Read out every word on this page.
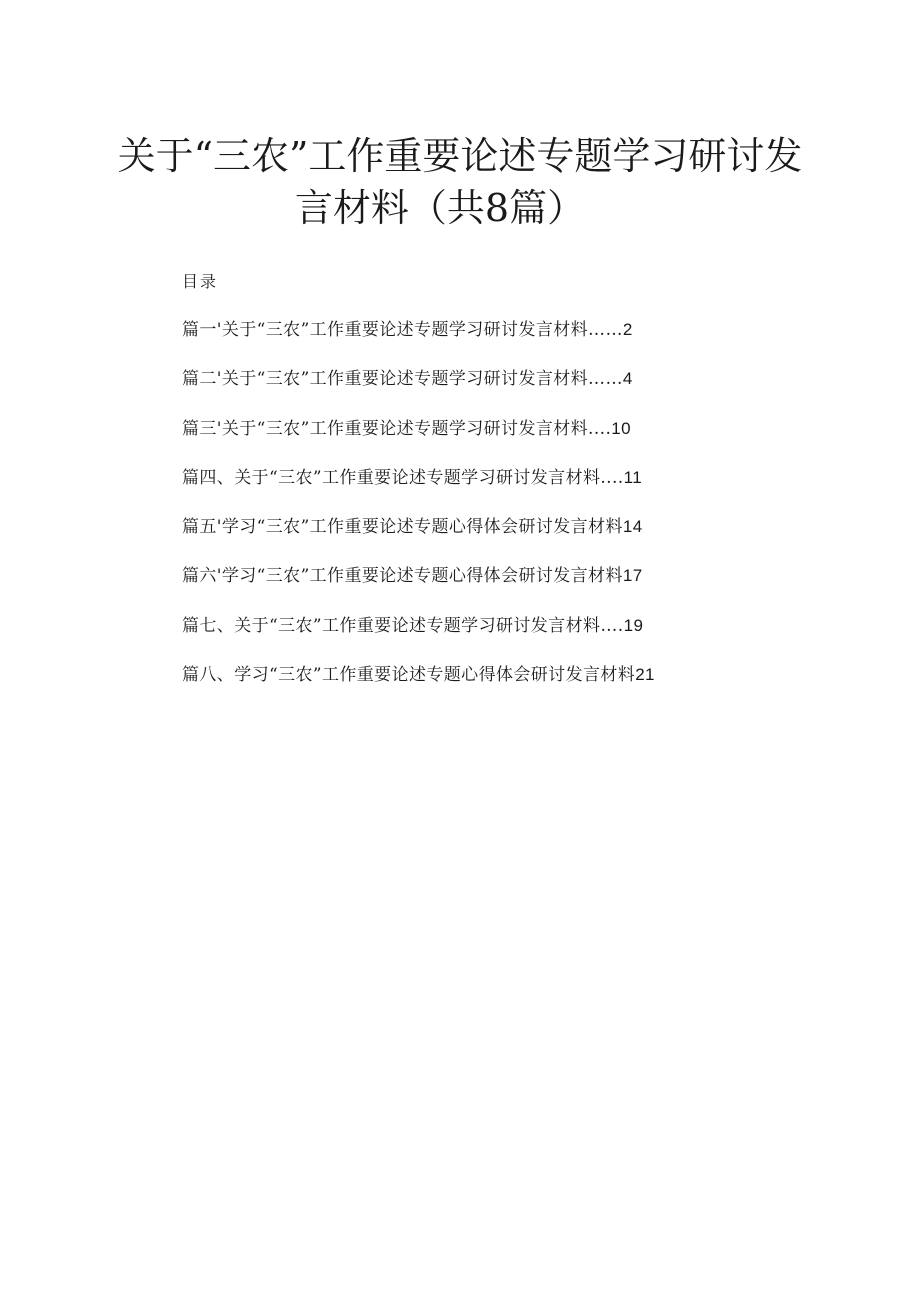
关于“三农”工作重要论述专题学习研讨发
言材料（共8篇）
目录
篇一'关于“三农”工作重要论述专题学习研讨发言材料……2
篇二'关于“三农”工作重要论述专题学习研讨发言材料……4
篇三'关于“三农”工作重要论述专题学习研讨发言材料....10
篇四、关于“三农”工作重要论述专题学习研讨发言材料....11
篇五'学习“三农”工作重要论述专题心得体会研讨发言材料14
篇六'学习“三农”工作重要论述专题心得体会研讨发言材料17
篇七、关于“三农”工作重要论述专题学习研讨发言材料….19
篇八、学习“三农”工作重要论述专题心得体会研讨发言材料21
